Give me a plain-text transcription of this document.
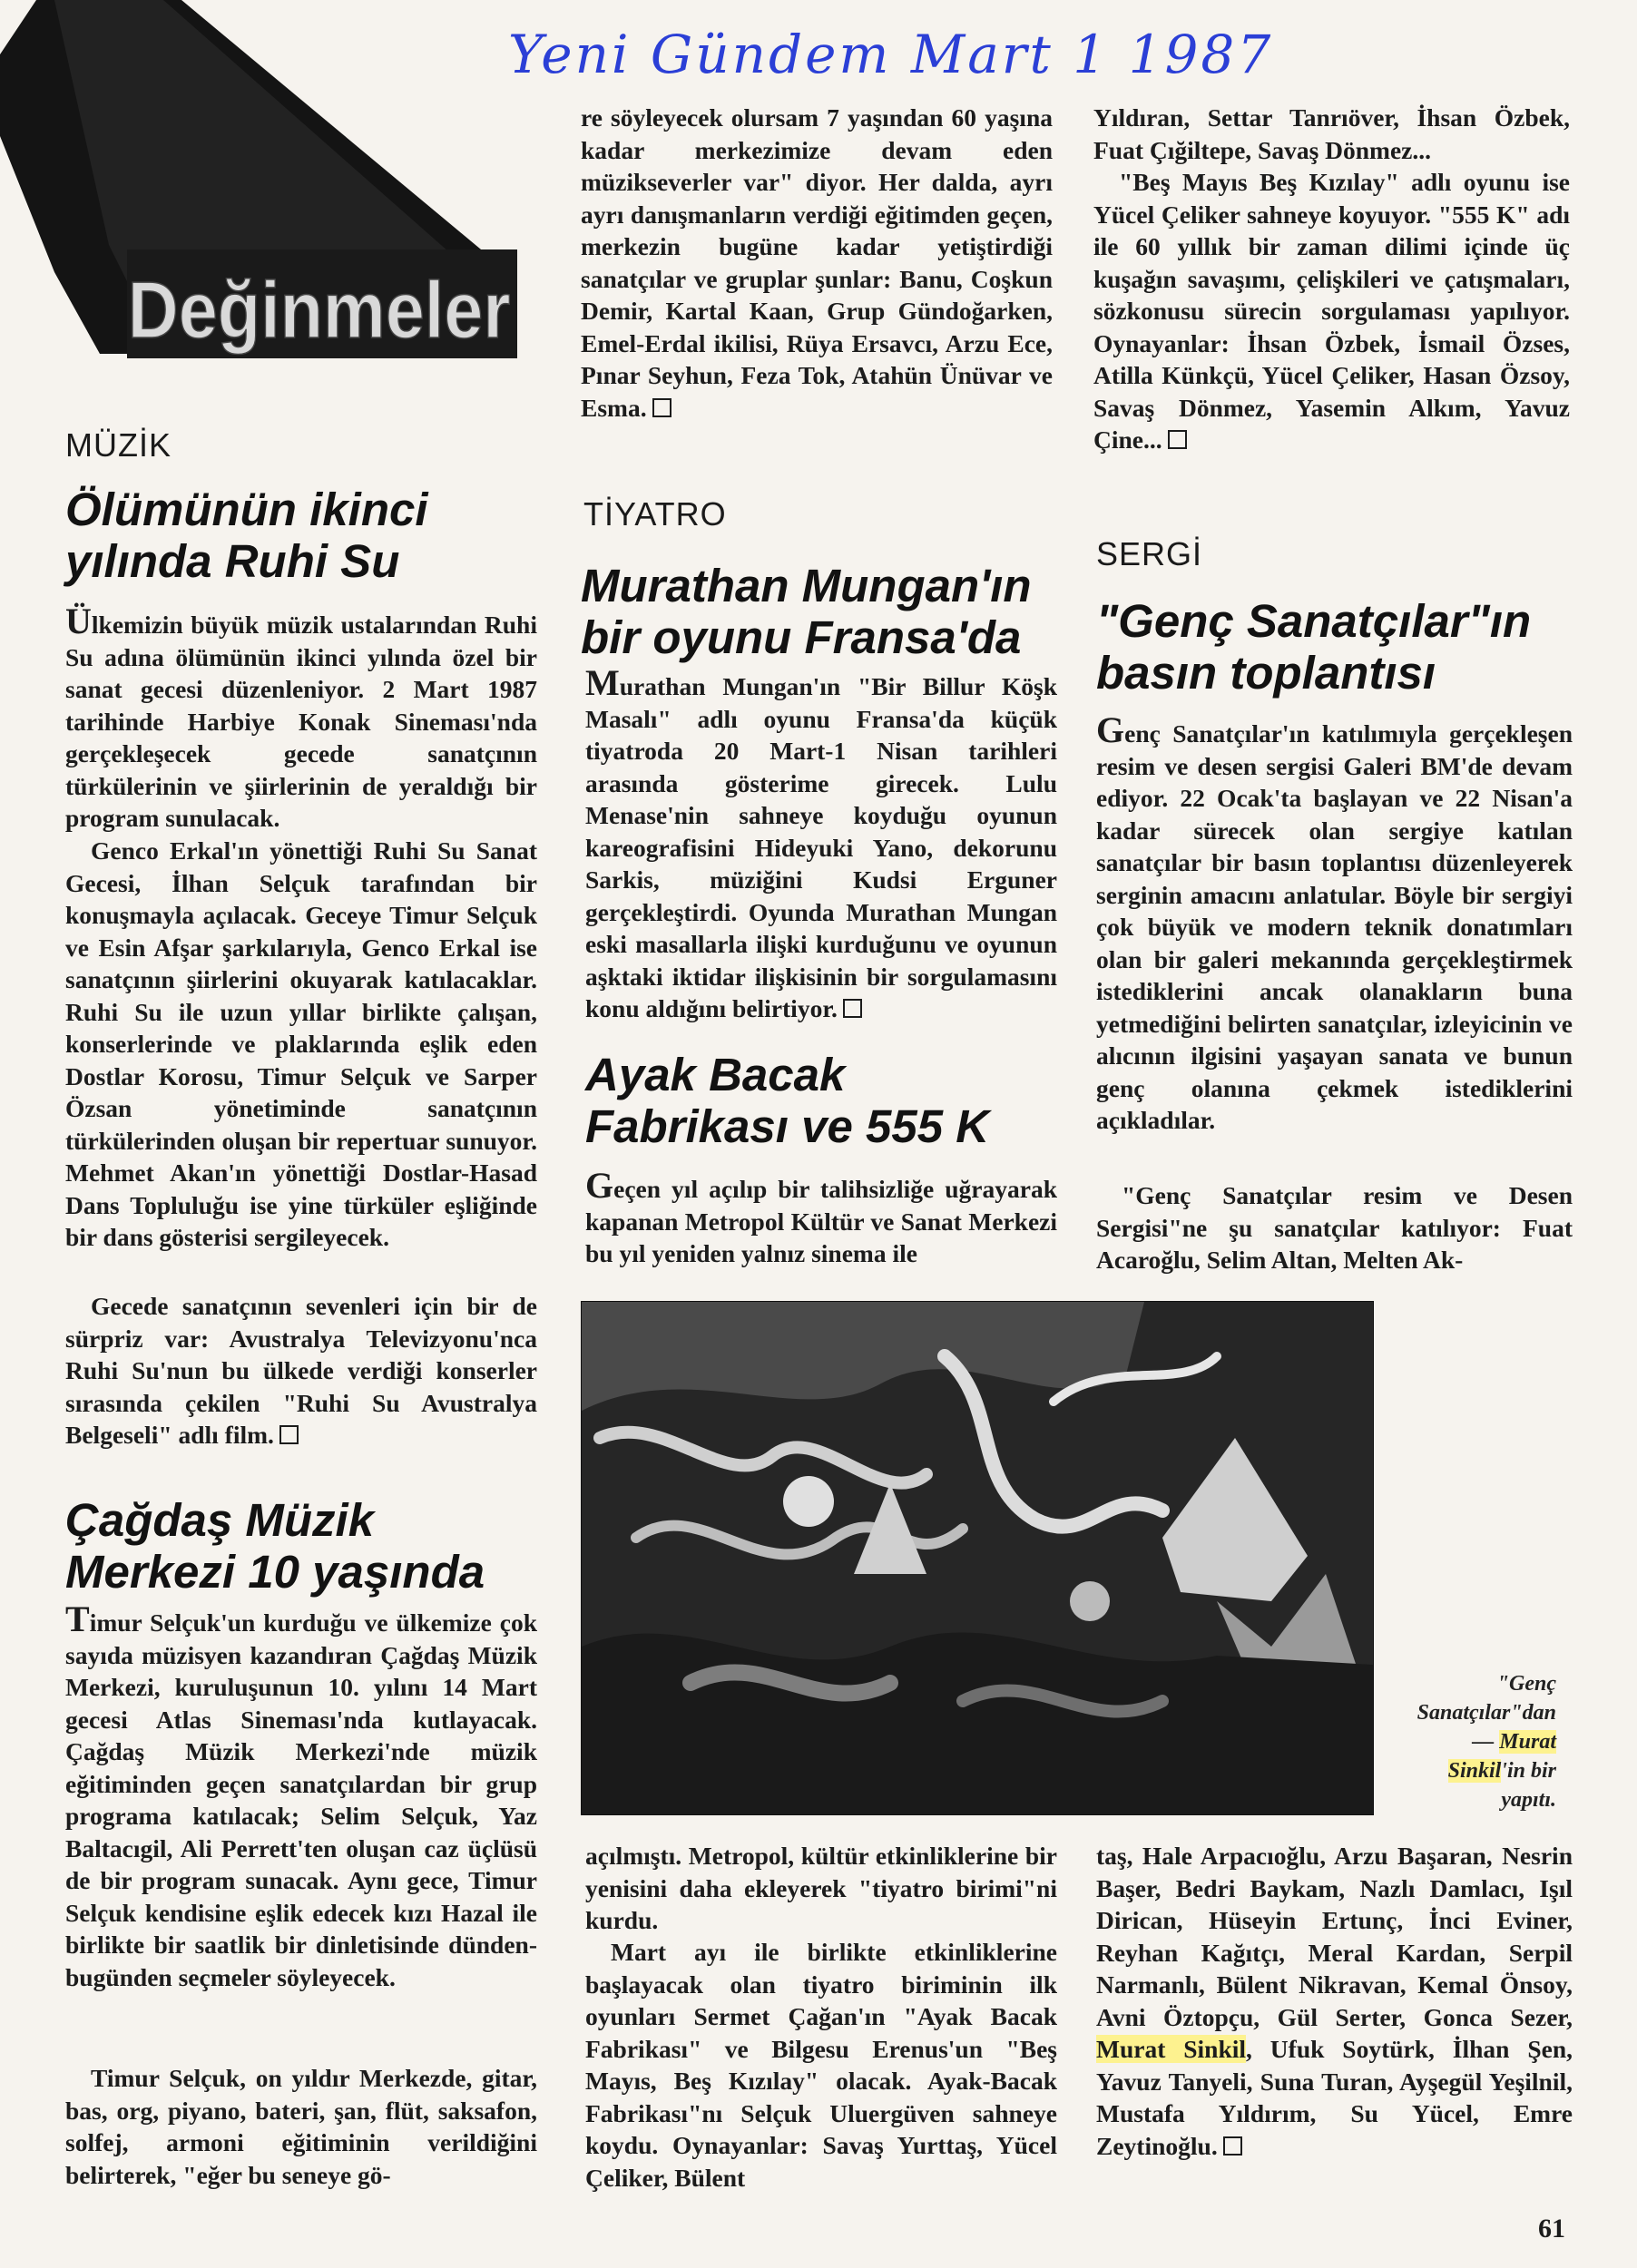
Yeni Gündem Mart 1 1987
Değinmeler
MÜZİK
Ölümünün ikinci
yılında Ruhi Su

Ülkemizin büyük müzik ustalarından Ruhi Su adına ölümünün ikinci yılında özel bir sanat gecesi düzenleniyor. 2 Mart 1987 tarihinde Harbiye Konak Sineması'nda gerçekleşecek gecede sanatçının türkülerinin ve şiirlerinin de yeraldığı bir program sunulacak.

Genco Erkal'ın yönettiği Ruhi Su Sanat Gecesi, İlhan Selçuk tarafından bir konuşmayla açılacak. Geceye Timur Selçuk ve Esin Afşar şarkılarıyla, Genco Erkal ise sanatçının şiirlerini okuyarak katılacaklar. Ruhi Su ile uzun yıllar birlikte çalışan, konserlerinde ve plaklarında eşlik eden Dostlar Korosu, Timur Selçuk ve Sarper Özsan yönetiminde sanatçının türkülerinden oluşan bir repertuar sunuyor. Mehmet Akan'ın yönettiği Dostlar-Hasad Dans Topluluğu ise yine türküler eşliğinde bir dans gösterisi sergileyecek.

Gecede sanatçının sevenleri için bir de sürpriz var: Avustralya Televizyonu'nca Ruhi Su'nun bu ülkede verdiği konserler sırasında çekilen "Ruhi Su Avustralya Belgeseli" adlı film.

Çağdaş Müzik
Merkezi 10 yaşında

Timur Selçuk'un kurduğu ve ülkemize çok sayıda müzisyen kazandıran Çağdaş Müzik Merkezi, kuruluşunun 10. yılını 14 Mart gecesi Atlas Sineması'nda kutlayacak. Çağdaş Müzik Merkezi'nde müzik eğitiminden geçen sanatçılardan bir grup programa katılacak; Selim Selçuk, Yaz Baltacıgil, Ali Perrett'ten oluşan caz üçlüsü de bir program sunacak. Aynı gece, Timur Selçuk kendisine eşlik edecek kızı Hazal ile birlikte bir saatlik bir dinletisinde dünden-bugünden seçmeler söyleyecek.

Timur Selçuk, on yıldır Merkezde, gitar, bas, org, piyano, bateri, şan, flüt, saksafon, solfej, armoni eğitiminin verildiğini belirterek, "eğer bu seneye gö-

re söyleyecek olursam 7 yaşından 60 yaşına kadar merkezimize devam eden müzikseverler var" diyor. Her dalda, ayrı ayrı danışmanların verdiği eğitimden geçen, merkezin bugüne kadar yetiştirdiği sanatçılar ve gruplar şunlar: Banu, Coşkun Demir, Kartal Kaan, Grup Gündoğarken, Emel-Erdal ikilisi, Rüya Ersavcı, Arzu Ece, Pınar Seyhun, Feza Tok, Atahün Ünüvar ve Esma.

TİYATRO
Murathan Mungan'ın
bir oyunu Fransa'da

Murathan Mungan'ın "Bir Billur Köşk Masalı" adlı oyunu Fransa'da küçük tiyatroda 20 Mart-1 Nisan tarihleri arasında gösterime girecek. Lulu Menase'nin sahneye koyduğu oyunun kareografisini Hideyuki Yano, dekorunu Sarkis, müziğini Kudsi Erguner gerçekleştirdi. Oyunda Murathan Mungan eski masallarla ilişki kurduğunu ve oyunun aşktaki iktidar ilişkisinin bir sorgulamasını konu aldığını belirtiyor.

Ayak Bacak
Fabrikası ve 555 K

Geçen yıl açılıp bir talihsizliğe uğrayarak kapanan Metropol Kültür ve Sanat Merkezi bu yıl yeniden yalnız sinema ile

açılmıştı. Metropol, kültür etkinliklerine bir yenisini daha ekleyerek "tiyatro birimi"ni kurdu.

Mart ayı ile birlikte etkinliklerine başlayacak olan tiyatro biriminin ilk oyunları Sermet Çağan'ın "Ayak Bacak Fabrikası" ve Bilgesu Erenus'un "Beş Mayıs, Beş Kızılay" olacak. Ayak-Bacak Fabrikası"nı Selçuk Uluergüven sahneye koydu. Oynayanlar: Savaş Yurttaş, Yücel Çeliker, Bülent

Yıldıran, Settar Tanrıöver, İhsan Özbek, Fuat Çığiltepe, Savaş Dönmez...

"Beş Mayıs Beş Kızılay" adlı oyunu ise Yücel Çeliker sahneye koyuyor. "555 K" adı ile 60 yıllık bir zaman dilimi içinde üç kuşağın savaşımı, çelişkileri ve çatışmaları, sözkonusu sürecin sorgulaması yapılıyor. Oynayanlar: İhsan Özbek, İsmail Özses, Atilla Künkçü, Yücel Çeliker, Hasan Özsoy, Savaş Dönmez, Yasemin Alkım, Yavuz Çine...

SERGİ
"Genç Sanatçılar"ın
basın toplantısı

Genç Sanatçılar'ın katılımıyla gerçekleşen resim ve desen sergisi Galeri BM'de devam ediyor. 22 Ocak'ta başlayan ve 22 Nisan'a kadar sürecek olan sergiye katılan sanatçılar bir basın toplantısı düzenleyerek serginin amacını anlatular. Böyle bir sergiyi çok büyük ve modern teknik donatımları olan bir galeri mekanında gerçekleştirmek istediklerini ancak olanakların buna yetmediğini belirten sanatçılar, izleyicinin ve alıcının ilgisini yaşayan sanata ve bunun genç olanına çekmek istediklerini açıkladılar.

"Genç Sanatçılar resim ve Desen Sergisi"ne şu sanatçılar katılıyor: Fuat Acaroğlu, Selim Altan, Melten Ak-

taş, Hale Arpacıoğlu, Arzu Başaran, Nesrin Başer, Bedri Baykam, Nazlı Damlacı, Işıl Dirican, Hüseyin Ertunç, İnci Eviner, Reyhan Kağıtçı, Meral Kardan, Serpil Narmanlı, Bülent Nikravan, Kemal Önsoy, Avni Öztopçu, Gül Serter, Gonca Sezer, Murat Sinkil, Ufuk Soytürk, İlhan Şen, Yavuz Tanyeli, Suna Turan, Ayşegül Yeşilnil, Mustafa Yıldırım, Su Yücel, Emre Zeytinoğlu.

"Genç
Sanatçılar"dan
— Murat
Sinkil'in bir
yapıtı.
61
